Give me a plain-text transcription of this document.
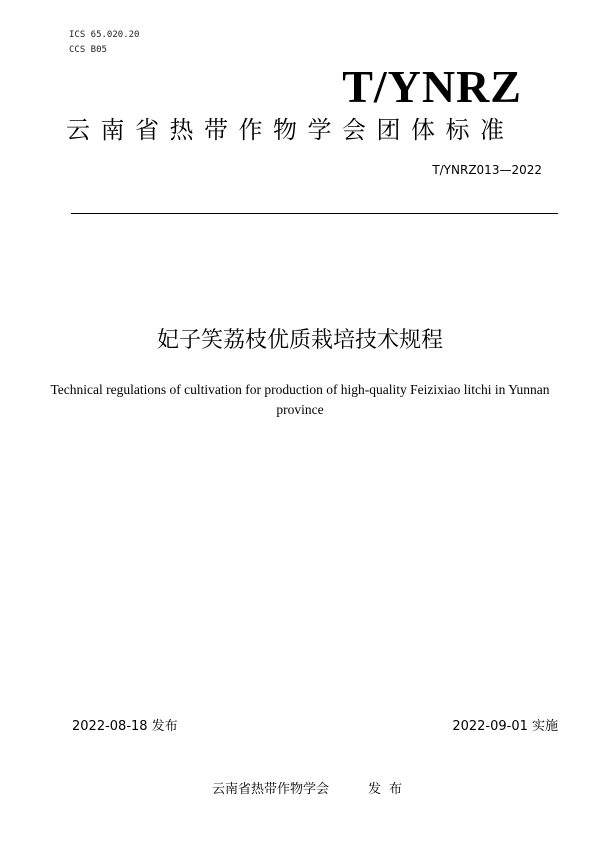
ICS 65.020.20
CCS B05
T/YNRZ
云南省热带作物学会团体标准
T/YNRZ013—2022
妃子笑荔枝优质栽培技术规程
Technical regulations of cultivation for production of high-quality Feizixiao litchi in Yunnan province
2022-08-18 发布	2022-09-01 实施
云南省热带作物学会	发布
